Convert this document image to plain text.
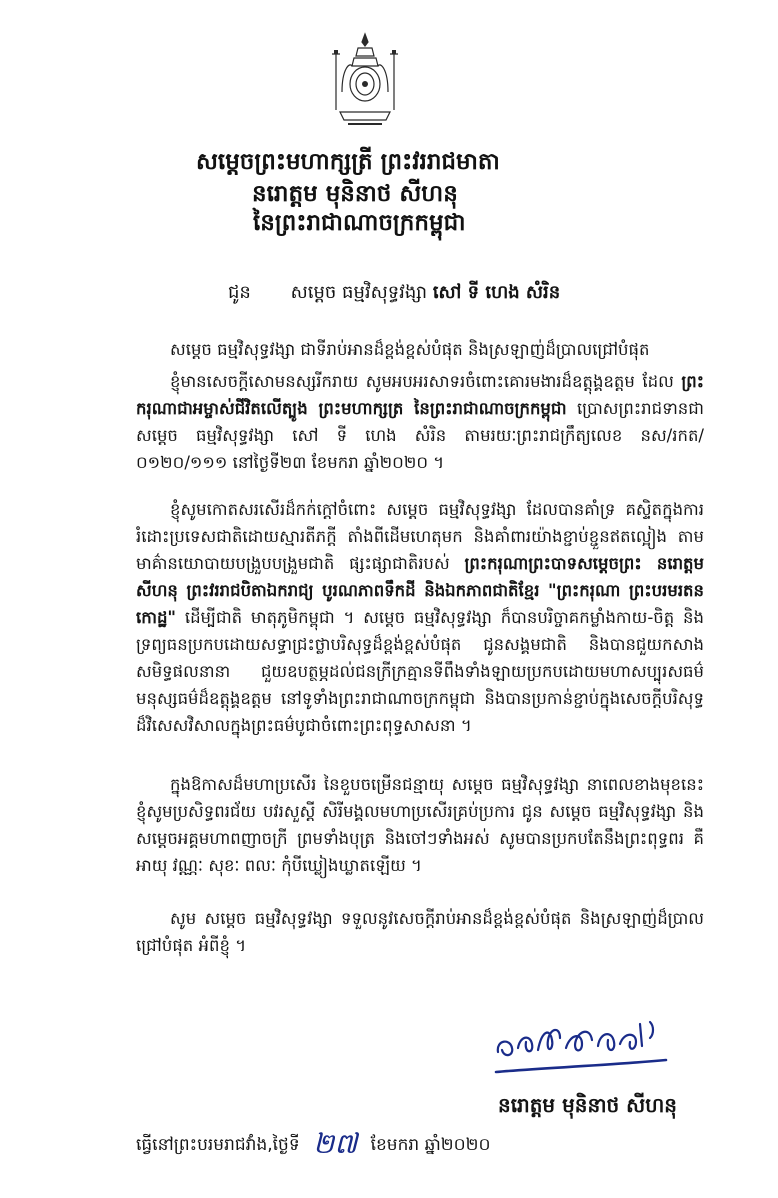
សម្តេចព្រះមហាក្សត្រី ព្រះវររាជមាតា
នរោត្តម មុនិនាថ សីហនុ
នៃព្រះរាជាណាចក្រកម្ពុជា
ជូន សម្តេច ធម្មវិសុទ្ធវង្សា សៅ ទី ហេង សំរិន
សម្តេច ធម្មវិសុទ្ធវង្សា ជាទីរាប់អានដ៏ខ្ពង់ខ្ពស់បំផុត និងស្រឡាញ់ដ៏ប្រាលជ្រៅបំផុត
ខ្ញុំមានសេចក្តីសោមនស្សរីករាយ សូមអបអរសាទរចំពោះគោរមងារដ៏ឧត្តុង្គឧត្តម ដែល ព្រះករុណាជាអម្ចាស់ជីវិតលើត្បូង ព្រះមហាក្សត្រ នៃព្រះរាជាណាចក្រកម្ពុជា ប្រោសព្រះរាជទានជា សម្តេច ធម្មវិសុទ្ធវង្សា សៅ ទី ហេង សំរិន តាមរយៈព្រះរាជក្រឹត្យលេខ នស/រកត/០១២០/១១១ នៅថ្ងៃទី២៣ ខែមករា ឆ្នាំ២០២០ ។
ខ្ញុំសូមកោតសរសើរដ៏កក់ក្តៅចំពោះ សម្តេច ធម្មវិសុទ្ធវង្សា ដែលបានគាំទ្រ គស្ទិតក្នុងការរំដោះប្រទេសជាតិដោយស្មារតីភក្តី តាំងពីដើមហេតុមក និងគាំពារយ៉ាងខ្ជាប់ខ្ជួនឥតល្អៀង តាមមាគ៌ានយោបាយបង្រួបបង្រួមជាតិ ផ្សះផ្សាជាតិរបស់ ព្រះករុណាព្រះបាទសម្តេចព្រះ នរោត្តម សីហនុ ព្រះវររាជបិតាឯករាជ្យ បូរណភាពទឹកដី និងឯកភាពជាតិខ្មែរ "ព្រះករុណា ព្រះបរមរតនកោដ្ឋ" ដើម្បីជាតិ មាតុភូមិកម្ពុជា ។ សម្តេច ធម្មវិសុទ្ធវង្សា ក៏បានបរិច្ចាគកម្លាំងកាយ-ចិត្ត និងទ្រព្យធនប្រកបដោយសទ្ធាជ្រះថ្លាបរិសុទ្ធដ៏ខ្ពង់ខ្ពស់បំផុត ជូនសង្គមជាតិ និងបានជួយកសាងសមិទ្ធផលនានា ជួយឧបត្ថម្ភដល់ជនក្រីក្រគ្មានទីពឹងទាំងឡាយប្រកបដោយមហាសប្បុរសធម៌ មនុស្សធម៌ដ៏ឧត្តុង្គឧត្តម នៅទូទាំងព្រះរាជាណាចក្រកម្ពុជា និងបានប្រកាន់ខ្ជាប់ក្នុងសេចក្តីបរិសុទ្ធដ៏វិសេសវិសាលក្នុងព្រះធម៌បូជាចំពោះព្រះពុទ្ធសាសនា ។
ក្នុងឱកាសដ៏មហាប្រសើរ នៃខួបចម្រើនជន្មាយុ សម្តេច ធម្មវិសុទ្ធវង្សា នាពេលខាងមុខនេះ ខ្ញុំសូមប្រសិទ្ធពរជ័យ បវរសួស្តី សិរីមង្គលមហាប្រសើរគ្រប់ប្រការ ជូន សម្តេច ធម្មវិសុទ្ធវង្សា និង សម្តេចអគ្គមហាពញាចក្រី ព្រមទាំងបុត្រ និងចៅៗទាំងអស់ សូមបានប្រកបតែនឹងព្រះពុទ្ធពរ គឺ អាយុ វណ្ណៈ សុខៈ ពលៈ កុំបីឃ្លៀងឃ្លាតឡើយ ។
សូម សម្តេច ធម្មវិសុទ្ធវង្សា ទទួលនូវសេចក្តីរាប់អានដ៏ខ្ពង់ខ្ពស់បំផុត និងស្រឡាញ់ដ៏ប្រាលជ្រៅបំផុត អំពីខ្ញុំ ។
នរោត្តម មុនិនាថ សីហនុ
ធ្វើនៅព្រះបរមរាជវាំង,ថ្ងៃទី ២៧ ខែមករា ឆ្នាំ២០២០
